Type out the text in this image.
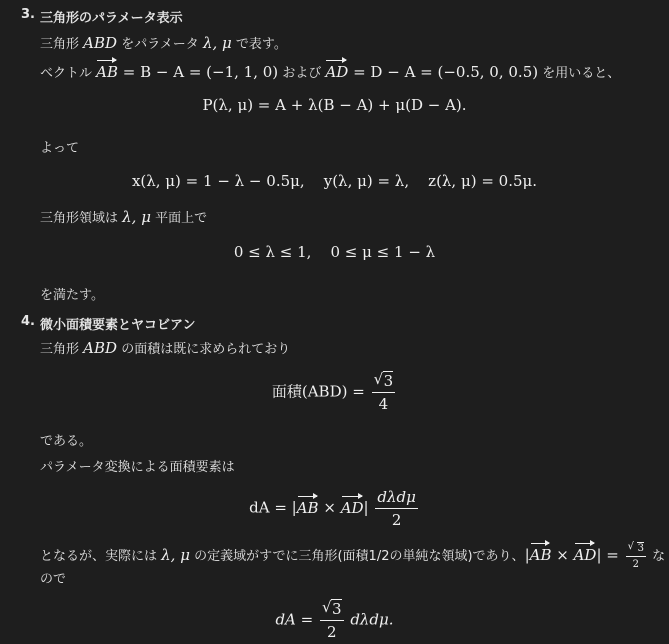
3. 三角形のパラメータ表示
三角形 ABD をパラメータ λ, μ で表す。
ベクトル AB = B − A = (−1, 1, 0) および AD = D − A = (−0.5, 0, 0.5) を用いると、
P(λ, μ) = A + λ(B − A) + μ(D − A).
よって
x(λ, μ) = 1 − λ − 0.5μ, y(λ, μ) = λ, z(λ, μ) = 0.5μ.
三角形領域は λ, μ 平面上で
0 ≤ λ ≤ 1, 0 ≤ μ ≤ 1 − λ
を満たす。
4. 微小面積要素とヤコビアン
三角形 ABD の面積は既に求められており
面積$(ABD) = \frac{√ 3}{4}$
である。
パラメータ変換による面積要素は
dA = $|AB \times AD| \frac{\text{dλdμ}}{2}$
となるが、実際には λ, μ の定義域がすでに三角形(面積1/2の単純な領域)であり、$|AB \times AD| = \frac{√ 3}{2}$ な
ので
dA = $\frac{√ 3}{2} d\lambda d\mu$.
